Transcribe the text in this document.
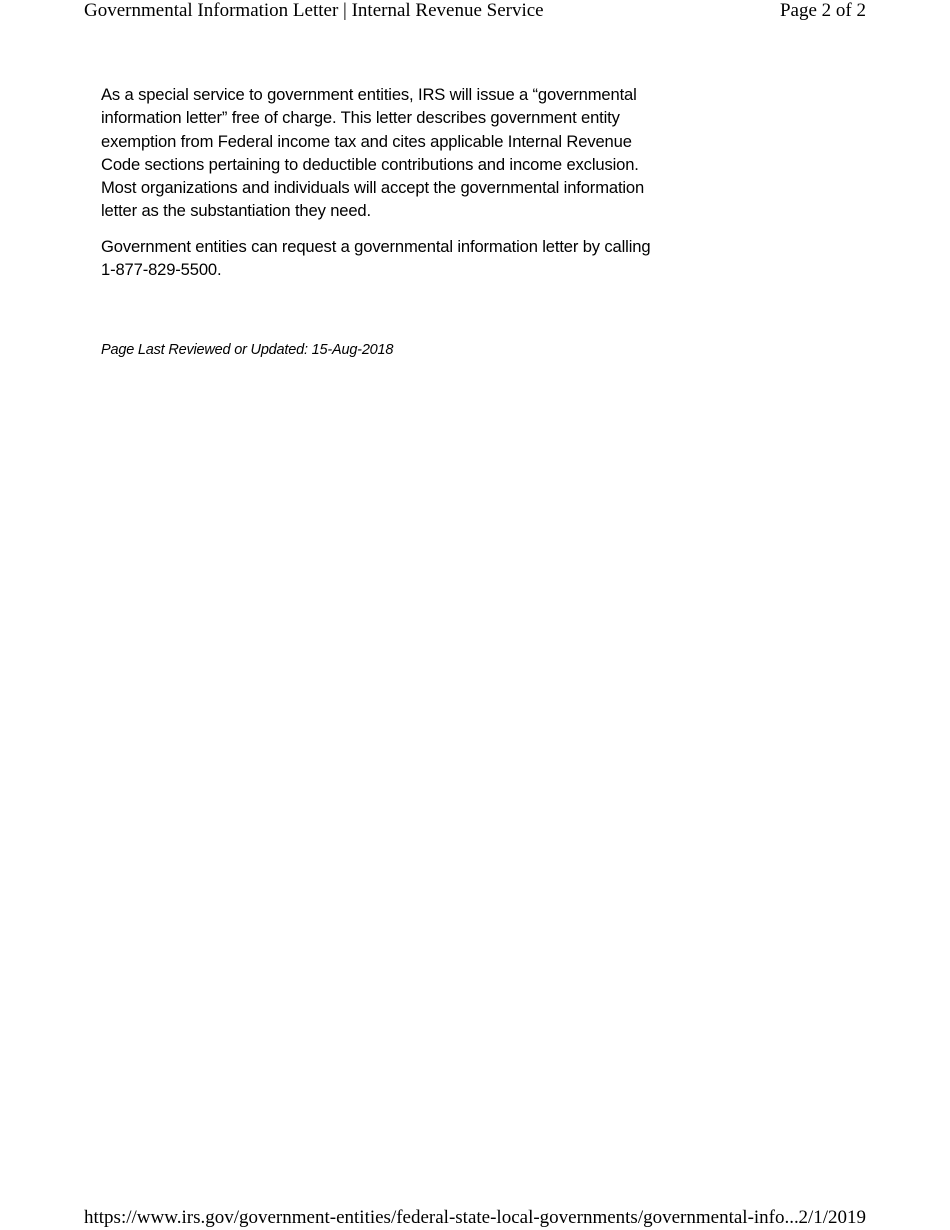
Governmental Information Letter | Internal Revenue Service	Page 2 of 2

As a special service to government entities, IRS will issue a “governmental information letter” free of charge. This letter describes government entity exemption from Federal income tax and cites applicable Internal Revenue Code sections pertaining to deductible contributions and income exclusion. Most organizations and individuals will accept the governmental information letter as the substantiation they need.

Government entities can request a governmental information letter by calling 1-877-829-5500.

Page Last Reviewed or Updated: 15-Aug-2018
https://www.irs.gov/government-entities/federal-state-local-governments/governmental-info... 2/1/2019
